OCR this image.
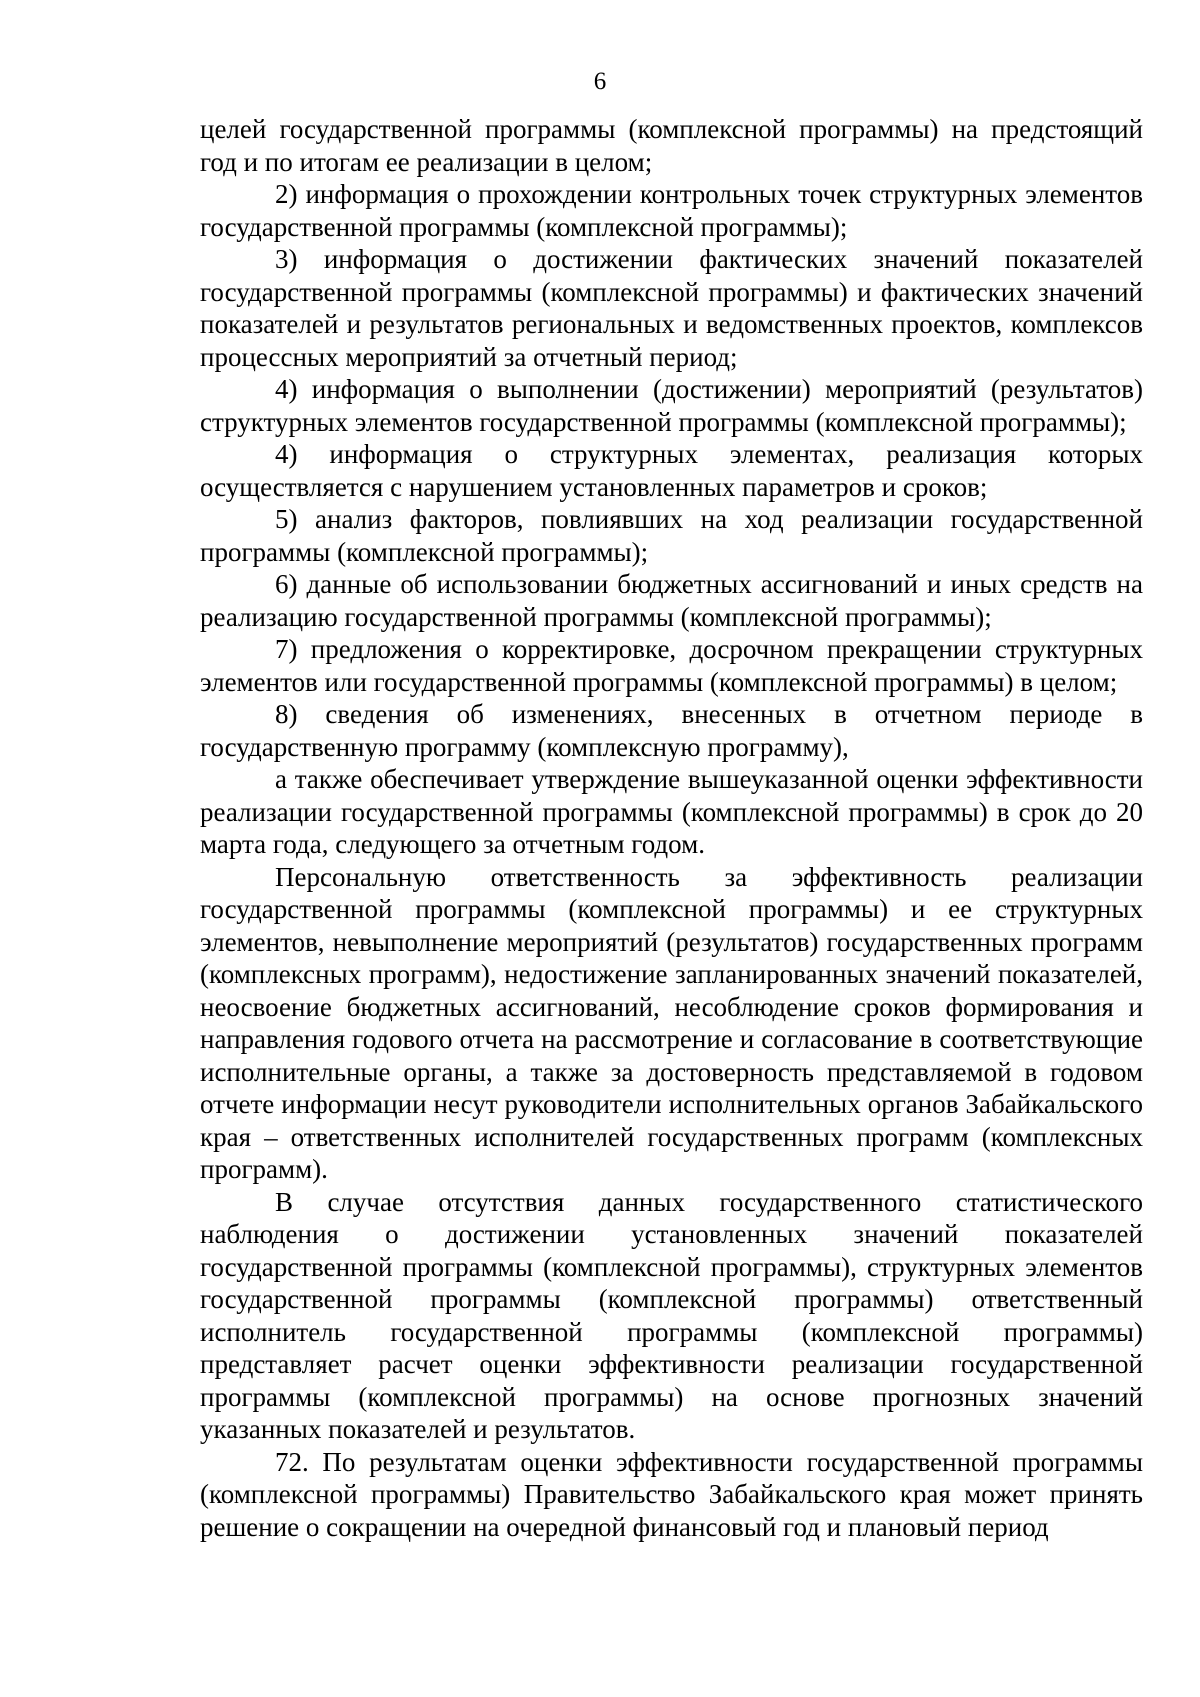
6

целей государственной программы (комплексной программы) на предстоящий год и по итогам ее реализации в целом;

2) информация о прохождении контрольных точек структурных элементов государственной программы (комплексной программы);

3) информация о достижении фактических значений показателей государственной программы (комплексной программы) и фактических значений показателей и результатов региональных и ведомственных проектов, комплексов процессных мероприятий за отчетный период;

4) информация о выполнении (достижении) мероприятий (результатов) структурных элементов государственной программы (комплексной программы);

4) информация о структурных элементах, реализация которых осуществляется с нарушением установленных параметров и сроков;

5) анализ факторов, повлиявших на ход реализации государственной программы (комплексной программы);

6) данные об использовании бюджетных ассигнований и иных средств на реализацию государственной программы (комплексной программы);

7) предложения о корректировке, досрочном прекращении структурных элементов или государственной программы (комплексной программы) в целом;

8) сведения об изменениях, внесенных в отчетном периоде в государственную программу (комплексную программу),

а также обеспечивает утверждение вышеуказанной оценки эффективности реализации государственной программы (комплексной программы) в срок до 20 марта года, следующего за отчетным годом.

Персональную ответственность за эффективность реализации государственной программы (комплексной программы) и ее структурных элементов, невыполнение мероприятий (результатов) государственных программ (комплексных программ), недостижение запланированных значений показателей, неосвоение бюджетных ассигнований, несоблюдение сроков формирования и направления годового отчета на рассмотрение и согласование в соответствующие исполнительные органы, а также за достоверность представляемой в годовом отчете информации несут руководители исполнительных органов Забайкальского края – ответственных исполнителей государственных программ (комплексных программ).

В случае отсутствия данных государственного статистического наблюдения о достижении установленных значений показателей государственной программы (комплексной программы), структурных элементов государственной программы (комплексной программы) ответственный исполнитель государственной программы (комплексной программы) представляет расчет оценки эффективности реализации государственной программы (комплексной программы) на основе прогнозных значений указанных показателей и результатов.

72. По результатам оценки эффективности государственной программы (комплексной программы) Правительство Забайкальского края может принять решение о сокращении на очередной финансовый год и плановый период
